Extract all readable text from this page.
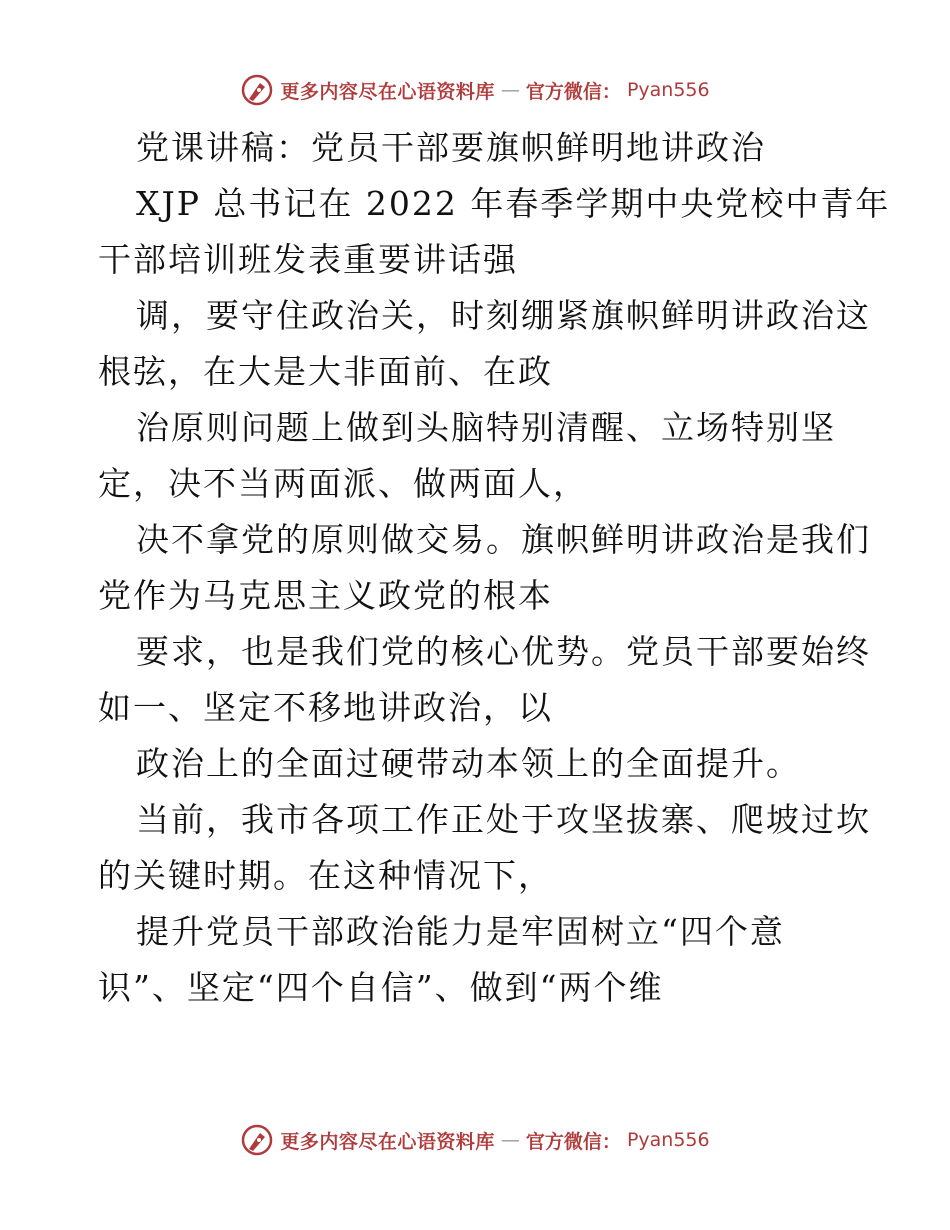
更多内容尽在心语资料库 — 官方微信： Pyan556
党课讲稿：党员干部要旗帜鲜明地讲政治
XJP 总书记在 2022 年春季学期中央党校中青年
干部培训班发表重要讲话强
调，要守住政治关，时刻绷紧旗帜鲜明讲政治这
根弦，在大是大非面前、在政
治原则问题上做到头脑特别清醒、立场特别坚
定，决不当两面派、做两面人，
决不拿党的原则做交易。旗帜鲜明讲政治是我们
党作为马克思主义政党的根本
要求，也是我们党的核心优势。党员干部要始终
如一、坚定不移地讲政治，以
政治上的全面过硬带动本领上的全面提升。
当前，我市各项工作正处于攻坚拔寨、爬坡过坎
的关键时期。在这种情况下，
提升党员干部政治能力是牢固树立“四个意
识”、坚定“四个自信”、做到“两个维
更多内容尽在心语资料库 — 官方微信： Pyan556
